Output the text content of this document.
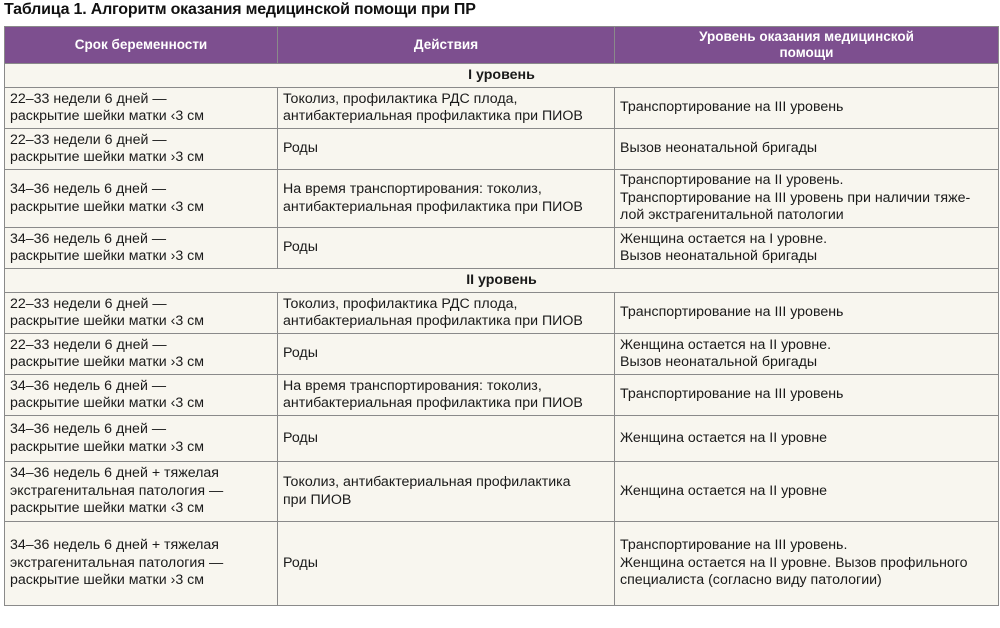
Таблица 1. Алгоритм оказания медицинской помощи при ПР
Срок беременности	Действия	Уровень оказания медицинской
помощи

I уровень		

22–33 недели 6 дней —
раскрытие шейки матки ‹3 см	Токолиз, профилактика РДС плода,
антибактериальная профилактика при ПИОВ	Транспортирование на III уровень

22–33 недели 6 дней —
раскрытие шейки матки ›3 см	Роды	Вызов неонатальной бригады

34–36 недель 6 дней —
раскрытие шейки матки ‹3 см	На время транспортирования: токолиз,
антибактериальная профилактика при ПИОВ	Транспортирование на II уровень.
Транспортирование на III уровень при наличии тяже-
лой экстрагенитальной патологии

34–36 недель 6 дней —
раскрытие шейки матки ›3 см	Роды	Женщина остается на I уровне.
Вызов неонатальной бригады

II уровень		

22–33 недели 6 дней —
раскрытие шейки матки ‹3 см	Токолиз, профилактика РДС плода,
антибактериальная профилактика при ПИОВ	Транспортирование на III уровень

22–33 недели 6 дней —
раскрытие шейки матки ›3 см	Роды	Женщина остается на II уровне.
Вызов неонатальной бригады

34–36 недель 6 дней —
раскрытие шейки матки ‹3 см	На время транспортирования: токолиз,
антибактериальная профилактика при ПИОВ	Транспортирование на III уровень

34–36 недель 6 дней —
раскрытие шейки матки ›3 см	Роды	Женщина остается на II уровне

34–36 недель 6 дней + тяжелая
экстрагенитальная патология —
раскрытие шейки матки ‹3 см	Токолиз, антибактериальная профилактика
при ПИОВ	Женщина остается на II уровне

34–36 недель 6 дней + тяжелая
экстрагенитальная патология —
раскрытие шейки матки ›3 см	Роды	Транспортирование на III уровень.
Женщина остается на II уровне. Вызов профильного
специалиста (согласно виду патологии)
